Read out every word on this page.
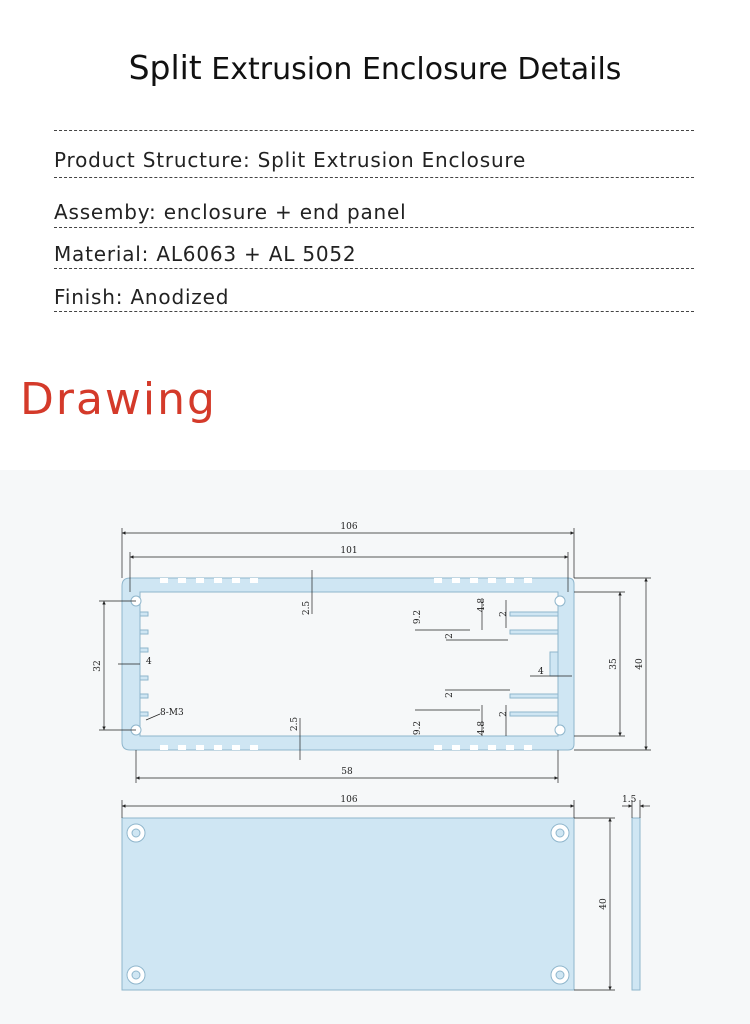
Split Extrusion Enclosure Details
Product Structure: Split Extrusion Enclosure
Assemby: enclosure + end panel
Material: AL6063 + AL 5052
Finish: Anodized
Drawing
106
101
58
40
35
32	4
4
2.5
2.5
9.2
4.8
2
2
9.2	4.8
2
2
8-M3
106
40
1.5
